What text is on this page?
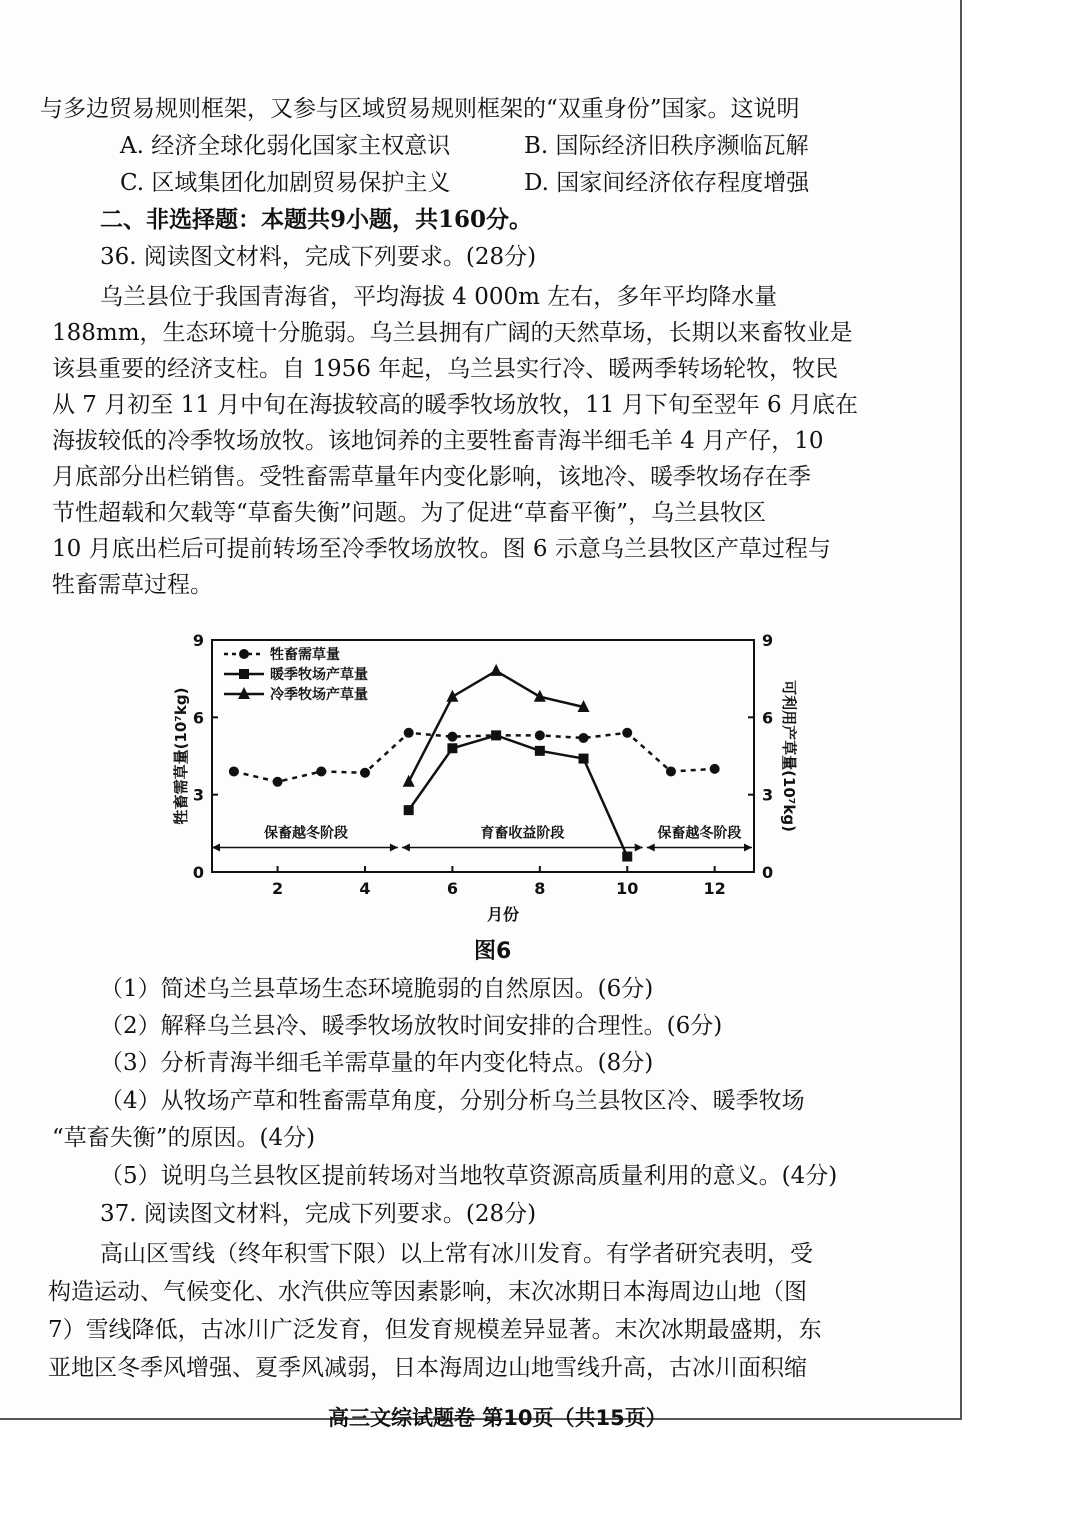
与多边贸易规则框架，又参与区域贸易规则框架的“双重身份”国家。这说明
A. 经济全球化弱化国家主权意识	B. 国际经济旧秩序濒临瓦解
C. 区域集团化加剧贸易保护主义	D. 国家间经济依存程度增强
二、非选择题：本题共9小题，共160分。
36. 阅读图文材料，完成下列要求。(28分)
乌兰县位于我国青海省，平均海拔 4 000m 左右，多年平均降水量
188mm，生态环境十分脆弱。乌兰县拥有广阔的天然草场，长期以来畜牧业是
该县重要的经济支柱。自 1956 年起，乌兰县实行冷、暖两季转场轮牧，牧民
从 7 月初至 11 月中旬在海拔较高的暖季牧场放牧，11 月下旬至翌年 6 月底在
海拔较低的冷季牧场放牧。该地饲养的主要牲畜青海半细毛羊 4 月产仔，10
月底部分出栏销售。受牲畜需草量年内变化影响，该地冷、暖季牧场存在季
节性超载和欠载等“草畜失衡”问题。为了促进“草畜平衡”，乌兰县牧区
10 月底出栏后可提前转场至冷季牧场放牧。图 6 示意乌兰县牧区产草过程与
牲畜需草过程。
0	0
3	3
6	6
9	9
2	4	6	8	10	12
月份
牲畜需草量(10⁷kg)	可利用产草量(10⁷kg)
保畜越冬阶段	育畜收益阶段	保畜越冬阶段
牲畜需草量
暖季牧场产草量
冷季牧场产草量
图6
（1）简述乌兰县草场生态环境脆弱的自然原因。(6分)
（2）解释乌兰县冷、暖季牧场放牧时间安排的合理性。(6分)
（3）分析青海半细毛羊需草量的年内变化特点。(8分)
（4）从牧场产草和牲畜需草角度，分别分析乌兰县牧区冷、暖季牧场
“草畜失衡”的原因。(4分)
（5）说明乌兰县牧区提前转场对当地牧草资源高质量利用的意义。(4分)
37. 阅读图文材料，完成下列要求。(28分)
高山区雪线（终年积雪下限）以上常有冰川发育。有学者研究表明，受
构造运动、气候变化、水汽供应等因素影响，末次冰期日本海周边山地（图
7）雪线降低，古冰川广泛发育，但发育规模差异显著。末次冰期最盛期，东
亚地区冬季风增强、夏季风减弱，日本海周边山地雪线升高，古冰川面积缩
高三文综试题卷 第10页（共15页）
